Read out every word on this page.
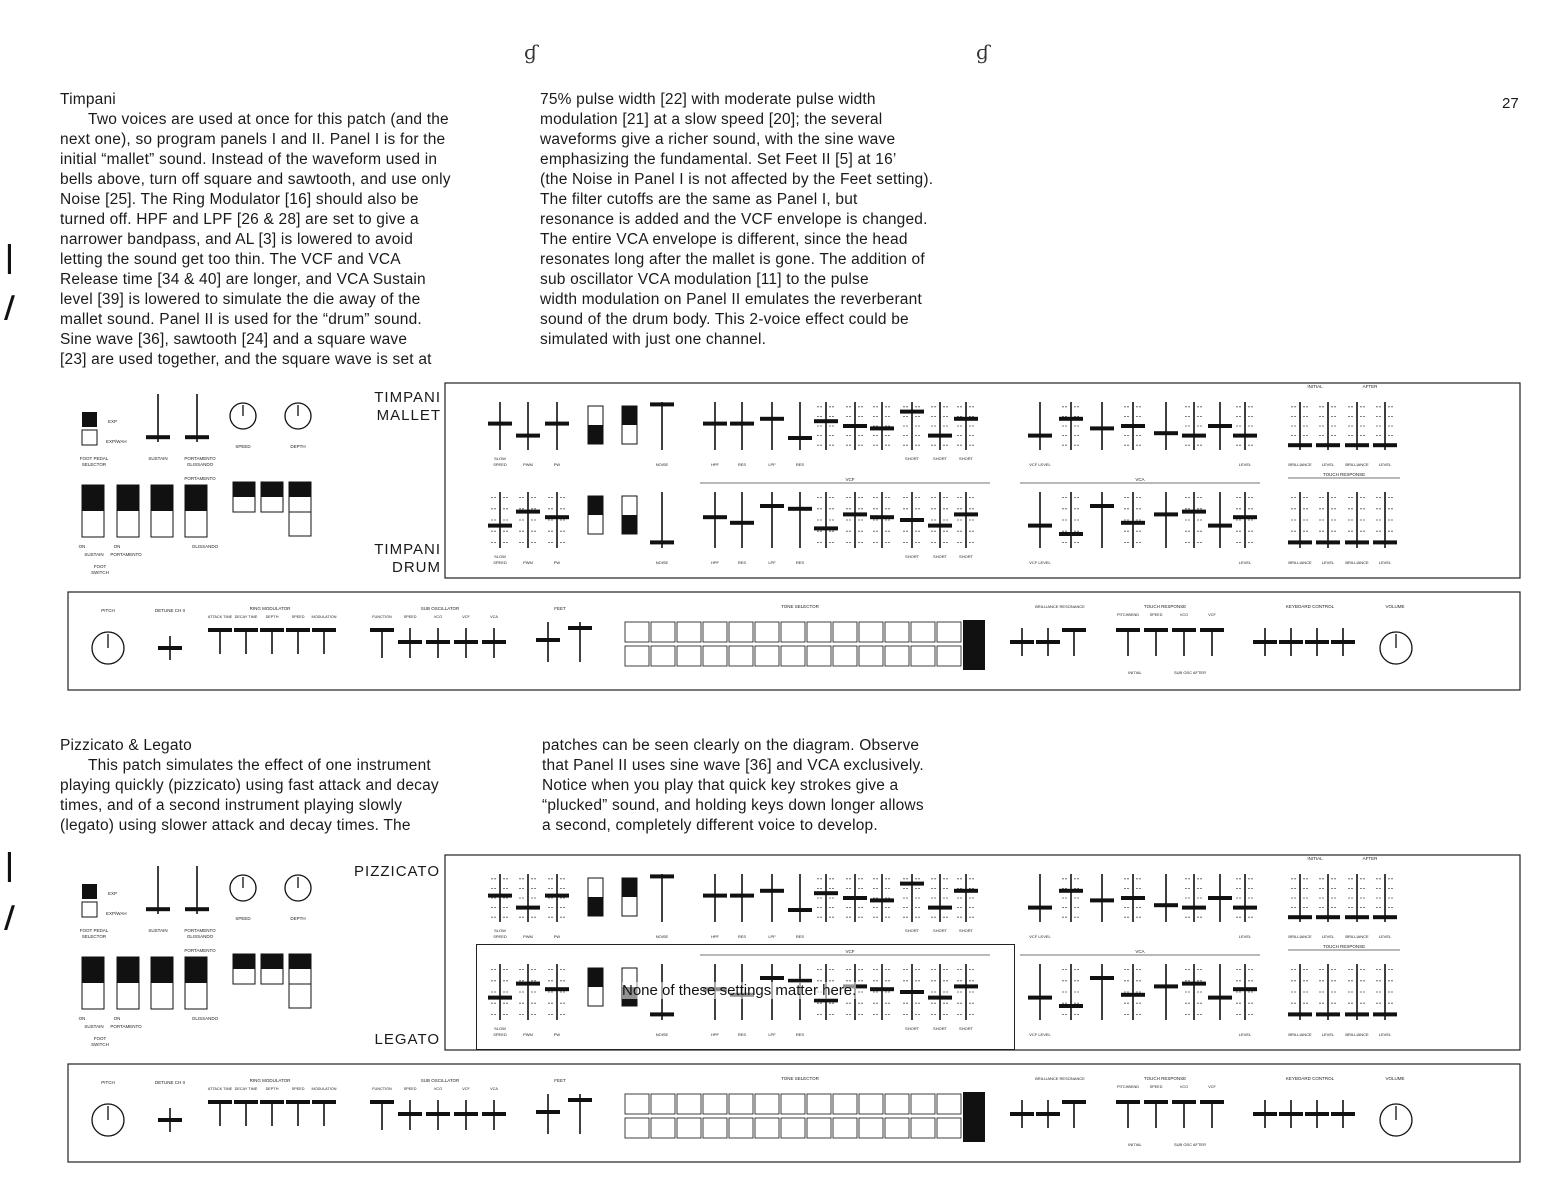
27
ɠ	ɠ
|
/
|
/
Timpani
Two voices are used at once for this patch (and the
next one), so program panels I and II. Panel I is for the
initial “mallet” sound. Instead of the waveform used in
bells above, turn off square and sawtooth, and use only
Noise [25]. The Ring Modulator [16] should also be
turned off. HPF and LPF [26 & 28] are set to give a
narrower bandpass, and AL [3] is lowered to avoid
letting the sound get too thin. The VCF and VCA
Release time [34 & 40] are longer, and VCA Sustain
level [39] is lowered to simulate the die away of the
mallet sound. Panel II is used for the “drum” sound.
Sine wave [36], sawtooth [24] and a square wave
[23] are used together, and the square wave is set at
75% pulse width [22] with moderate pulse width
modulation [21] at a slow speed [20]; the several
waveforms give a richer sound, with the sine wave
emphasizing the fundamental. Set Feet II [5] at 16’
(the Noise in Panel I is not affected by the Feet setting).
The filter cutoffs are the same as Panel I, but
resonance is added and the VCF envelope is changed.
The entire VCA envelope is different, since the head
resonates long after the mallet is gone. The addition of
sub oscillator VCA modulation [11] to the pulse
width modulation on Panel II emulates the reverberant
sound of the drum body. This 2-voice effect could be
simulated with just one channel.
TIMPANI
MALLET
TIMPANI
DRUM
Pizzicato & Legato
This patch simulates the effect of one instrument
playing quickly (pizzicato) using fast attack and decay
times, and of a second instrument playing slowly
(legato) using slower attack and decay times. The
patches can be seen clearly on the diagram. Observe
that Panel II uses sine wave [36] and VCA exclusively.
Notice when you play that quick key strokes give a
“plucked” sound, and holding keys down longer allows
a second, completely different voice to develop.
PIZZICATO
LEGATO
EXP
EXP/WAH
FOOT PEDAL
SELECTOR
SUSTAIN	PORTAMENTO
GLISSANDO
PORTAMENTO
SPEED	DEPTH
ON	ON	GLISSANDO
SUSTAIN PORTAMENTO
FOOT
SWITCH
SLOW
SPEED	PWM	PW	NOISE	HPF	RES	LPF	RES
SHORT	SHORT	SHORT
VCF LEVEL	LEVEL	BRILLIANCE	LEVEL	BRILLIANCE	LEVEL
SLOW
SPEED	PWM	PW	NOISE	HPF	RES	LPF	RES
SHORT	SHORT	SHORT
VCF LEVEL	LEVEL	BRILLIANCE	LEVEL	BRILLIANCE	LEVEL
VCF	VCA
TOUCH RESPONSE
INITIAL	AFTER
PITCH	DETUNE CH II	RING MODULATOR
ATTACK TIME DECAY TIME DEPTH	SPEED MODULATION
SUB OSCILLATOR
FUNCTION	SPEED	VCO	VCF	VCA
FEET	TONE SELECTOR	BRILLIANCE RESONANCE	TOUCH RESPONSE
PITCHBEND	SPEED	VCO	VCF
INITIAL	SUB OSC AFTER
KEYBOARD CONTROL	VOLUME
EXP
EXP/WAH
FOOT PEDAL
SELECTOR
SUSTAIN	PORTAMENTO
GLISSANDO
PORTAMENTO
SPEED	DEPTH
ON	ON	GLISSANDO
SUSTAIN PORTAMENTO
FOOT
SWITCH
SLOW
SPEED	PWM	PW	NOISE	HPF	RES	LPF	RES
SHORT	SHORT	SHORT
VCF LEVEL	LEVEL	BRILLIANCE	LEVEL	BRILLIANCE	LEVEL
SLOW
SPEED	PWM	PW	NOISE	HPF	RES	LPF	RES
SHORT	SHORT	SHORT
VCF LEVEL	LEVEL	BRILLIANCE	LEVEL	BRILLIANCE	LEVEL
VCF	VCA
TOUCH RESPONSE
INITIAL	AFTER
PITCH	DETUNE CH II	RING MODULATOR
ATTACK TIME DECAY TIME DEPTH	SPEED MODULATION
SUB OSCILLATOR
FUNCTION	SPEED	VCO	VCF	VCA
FEET	TONE SELECTOR	BRILLIANCE RESONANCE	TOUCH RESPONSE
PITCHBEND	SPEED	VCO	VCF
INITIAL	SUB OSC AFTER
KEYBOARD CONTROL	VOLUME
None of these settings matter here.
